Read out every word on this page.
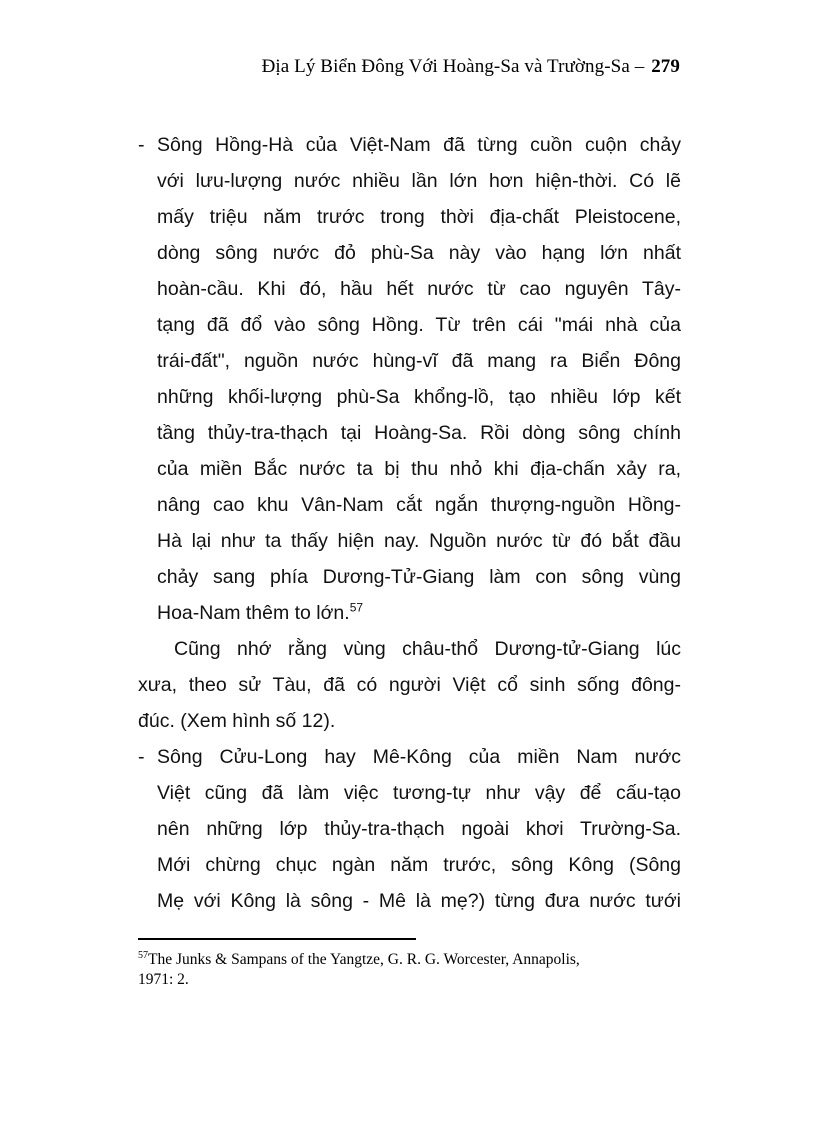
Địa Lý Biển Đông Với Hoàng-Sa và Trường-Sa – 279
- Sông Hồng-Hà của Việt-Nam đã từng cuồn cuộn chảy
với lưu-lượng nước nhiều lần lớn hơn hiện-thời. Có lẽ
mấy triệu năm trước trong thời địa-chất Pleistocene,
dòng sông nước đỏ phù-Sa này vào hạng lớn nhất
hoàn-cầu. Khi đó, hầu hết nước từ cao nguyên Tây-
tạng đã đổ vào sông Hồng. Từ trên cái "mái nhà của
trái-đất", nguồn nước hùng-vĩ đã mang ra Biển Đông
những khối-lượng phù-Sa khổng-lồ, tạo nhiều lớp kết
tầng thủy-tra-thạch tại Hoàng-Sa. Rồi dòng sông chính
của miền Bắc nước ta bị thu nhỏ khi địa-chấn xảy ra,
nâng cao khu Vân-Nam cắt ngắn thượng-nguồn Hồng-
Hà lại như ta thấy hiện nay. Nguồn nước từ đó bắt đầu
chảy sang phía Dương-Tử-Giang làm con sông vùng
Hoa-Nam thêm to lớn.$^{57}$
Cũng nhớ rằng vùng châu-thổ Dương-tử-Giang lúc
xưa, theo sử Tàu, đã có người Việt cổ sinh sống đông-
đúc. (Xem hình số 12).
- Sông Cửu-Long hay Mê-Kông của miền Nam nước
Việt cũng đã làm việc tương-tự như vậy để cấu-tạo
nên những lớp thủy-tra-thạch ngoài khơi Trường-Sa.
Mới chừng chục ngàn năm trước, sông Kông (Sông
Mẹ với Kông là sông - Mê là mẹ?) từng đưa nước tưới
$^{57}$The Junks & Sampans of the Yangtze, G. R. G. Worcester, Annapolis,
1971: 2.
